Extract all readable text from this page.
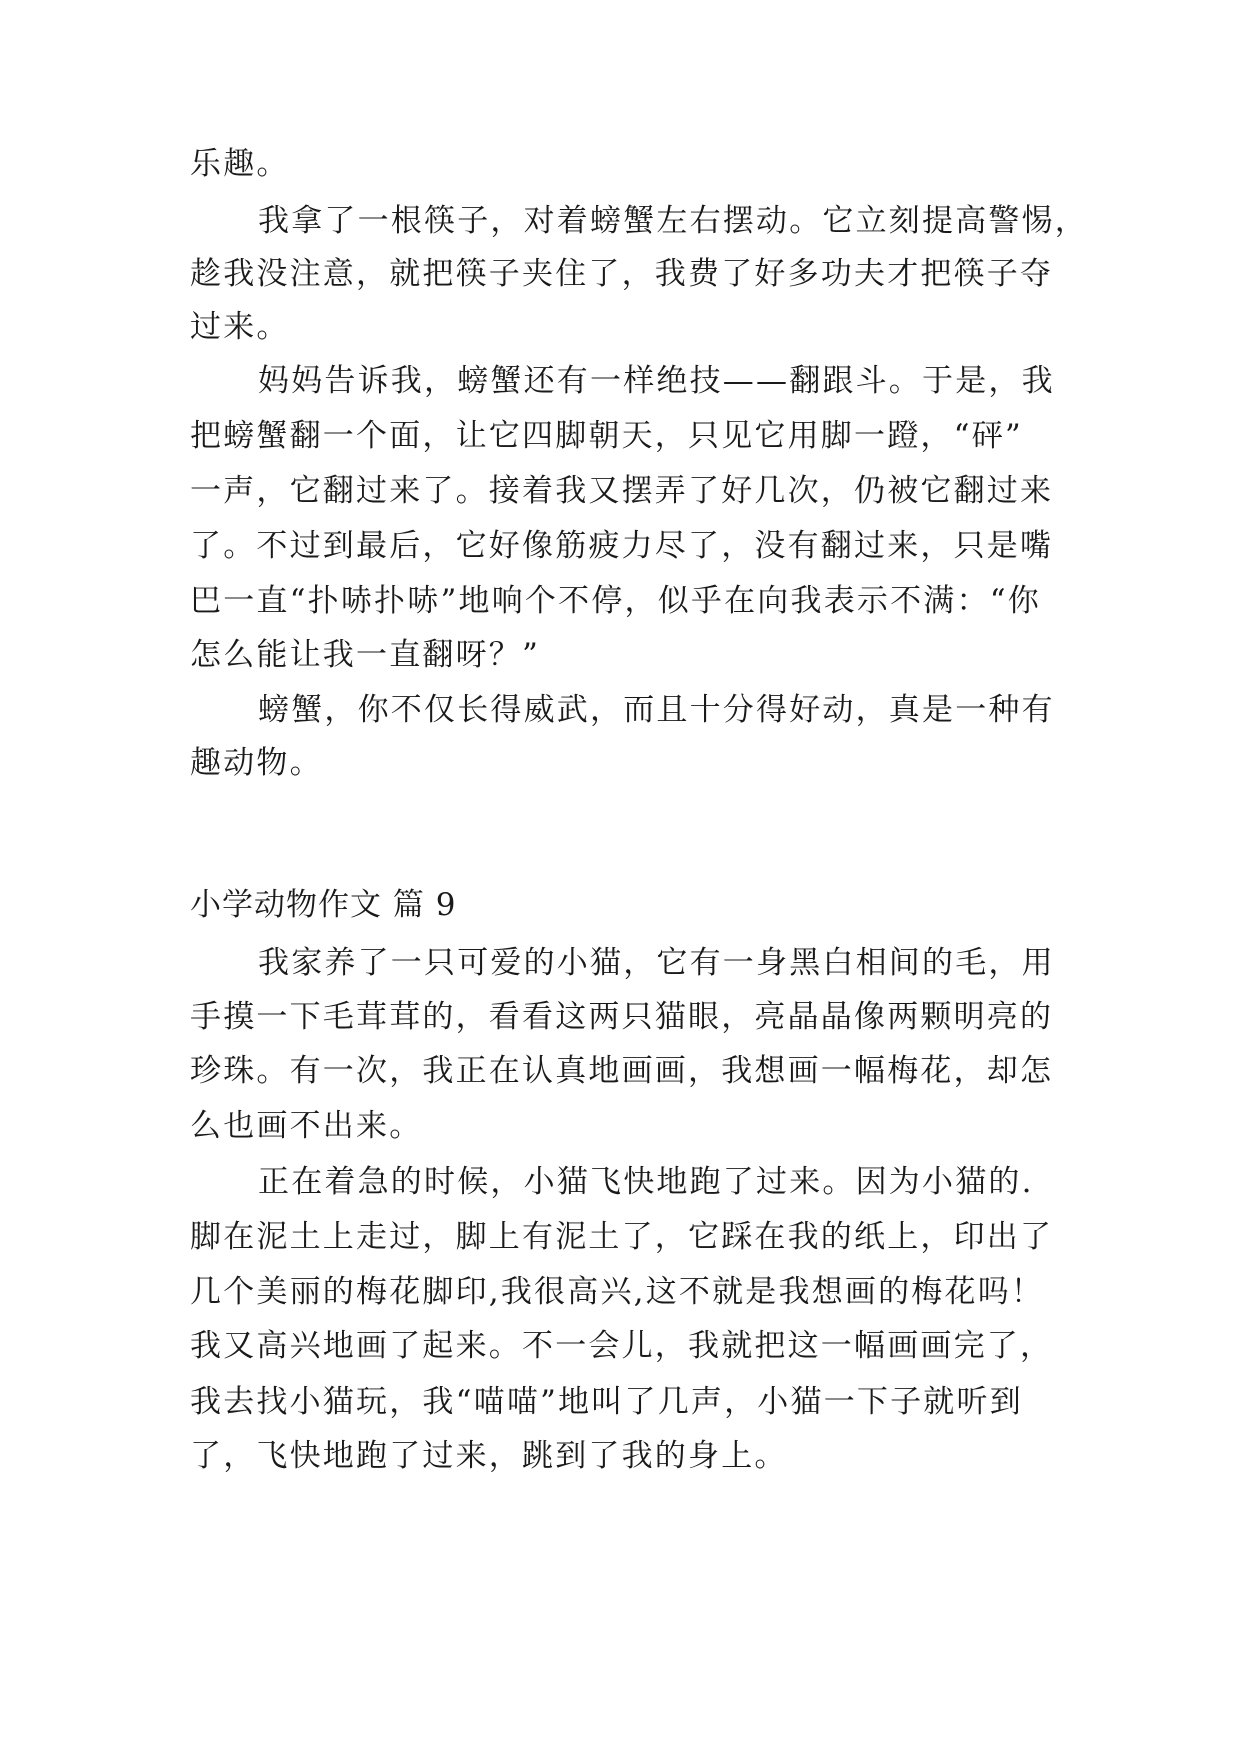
乐趣。
我拿了一根筷子，对着螃蟹左右摆动。它立刻提高警惕，
趁我没注意，就把筷子夹住了，我费了好多功夫才把筷子夺
过来。
妈妈告诉我，螃蟹还有一样绝技——翻跟斗。于是，我
把螃蟹翻一个面，让它四脚朝天，只见它用脚一蹬，“砰”
一声，它翻过来了。接着我又摆弄了好几次，仍被它翻过来
了。不过到最后，它好像筋疲力尽了，没有翻过来，只是嘴
巴一直“扑哧扑哧”地响个不停，似乎在向我表示不满：“你
怎么能让我一直翻呀？”
螃蟹，你不仅长得威武，而且十分得好动，真是一种有
趣动物。
小学动物作文 篇 9
我家养了一只可爱的小猫，它有一身黑白相间的毛，用
手摸一下毛茸茸的，看看这两只猫眼，亮晶晶像两颗明亮的
珍珠。有一次，我正在认真地画画，我想画一幅梅花，却怎
么也画不出来。
正在着急的时候，小猫飞快地跑了过来。因为小猫的.
脚在泥土上走过，脚上有泥土了，它踩在我的纸上，印出了
几个美丽的梅花脚印,我很高兴,这不就是我想画的梅花吗！
我又高兴地画了起来。不一会儿，我就把这一幅画画完了，
我去找小猫玩，我“喵喵”地叫了几声，小猫一下子就听到
了，飞快地跑了过来，跳到了我的身上。
